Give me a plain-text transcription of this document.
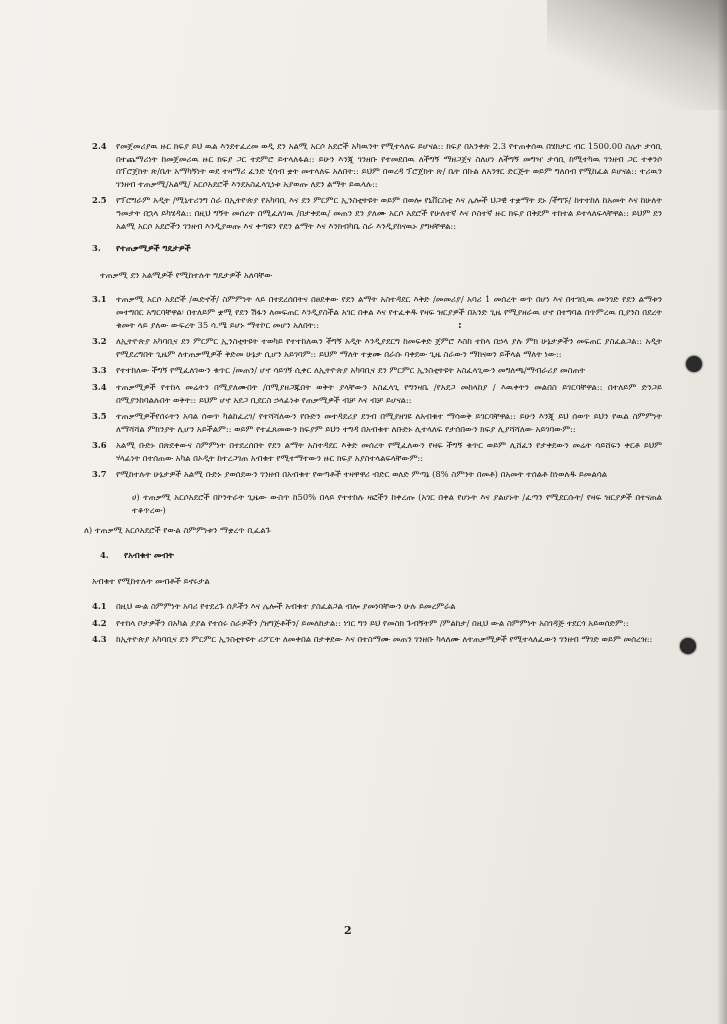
2.4	የመጀመሪያዉ ዙር ክፍያ ይህ ዉል እንደተፈረመ ወዲ ደን አልሚ አርሶ አደሮች አካዉንት የሚተላለፍ ይሆናል:: ክፍያ በአንቀጽ 2.3 የተጠቀሰዉ በሄክታር ብር 1500.00 ስሌት ታሳቢ በተጨማሪነት ከመጀመሪዉ ዙር ክፍያ ጋር ተደምሮ ይተላለፋል:: ይሁን እንጂ ገንዘቡ የተመደበዉ ለችግኝ ማዘጋጀና ስለሆነ ለችግኝ መግዣ ታሳቢ ከሚተካዉ ገንዘብ ጋር ተቀንሶ በፕሮጀክት ጽ/ቤት አማካኝነት ወደ ተዛማሪ ፈንድ ሂሳብ ቋት መተላለፍ አለበት:: ይህም በወረዳ ፕሮጀክት ጽ/ ቤት በኩል ለአንፃር ድርጅት ወይም ግለሰብ የሚከፈል ይሆናል:: ተሪዉን ገንዘብ ተጠቃሚ/አልሚ/ አርሶአደሮች እንደአስፈላጊነቱ አያወጡ ለደን ልማት ይዉላሉ::
2.5	የፕሮግራም አዲት /ሚኒተሪንግ ስራ በኢትዮጵያ የአካባቢ እና ደን ምርምር ኢንስቲትዩት ወይም በወሎ የኒቨርስቲ እና ሌሎች ህጋዊ ተቋማት ደኑ /ችግኙ/ ከተተከለ ከአመት እና ከሁለት ዓመታት በኋላ ይካሄዳል:: በዚህ ግኝት መሰረት በሚፈለገዉ /በታቀደዉ/ መጠን ደን ያለሙ አርሶ አደሮች የሁለተኛ እና ሶስተኛ ዙር ክፍያ በቅደም ተከተል ይተላለፍላቸዋል:: ይህም ደን አልሚ አርሶ አደሮችን ገንዘብ እንዲያወጡ እና ቀጣዩን የደን ልማት እና እንክብካቤ ስራ እንዲያከናዉኑ ያግዛቸዋል::
3.	የተጠቃሚዎች ግዴታዎች
ተጠቃሚ ደን አልሚዎች የሚከተሉት ግዴታዎች አለባቸው
3.1	ተጠቃሚ አርሶ አደሮች /ዉድኖች/ ስምምነት ላይ በተደረሰበትና በፀደቀው የደን ልማት አስተዳደር እቅድ /መመሪያ/ አባሪ 1 መሰረት ወጥ በሆነ እና በተገቢዉ መንገድ የደን ልማቱን መተግበር አግርባቸዋል፡ በተለይም ቋሚ የደን ሽፋን ለመፍጠር እንዲያስችል አገር በቀል እና የተፈቀዱ የዛፍ ዝርያዎች በአንድ ጊዜ የሚያዘራዉ ሆኖ በተግባል በጥምረዉ ቢያንስ በደረት ቁመት ላይ ያለው ውፍረት 35 ሳ.ሜ ይሆኑ ማተኮር መሆን አለበት::
3.2	ለኢትዮጵያ አካባቢና ደን ምርምር ኢንስቲትዩት ተወካይ የተተከለዉን ችግኝ አዲት እንዲያደርግ ከመፍቀድ ጀምሮ እስከ ተከላ በኃላ ያሉ ምክ ሁኔታዎችን መፍጠር ያስፈልጋል:: አዲት የሚደረግበት ጊዜም ለተጠቃሚዎች ቅድመ ሁኔታ ሲሆን አይገባም:: ይህም ማለት ተቋሙ በራሱ ባቀደው ጊዜ ስራውን ማከናወን ይችላል ማለት ነው::
3.3	የተተከለው ችግኝ የሚፈለገውን ቁጥር /መጠን/ ሆኖ ሳይገኝ ሲቀር ለኢትዮጵያ አካባቢና ደን ምርምር ኢንስቲትዩት አስፈላጊውን መግለጫ/ማብራሪያ መስጠት
3.4	ተጠቃሚዎች የተከላ መሬትን በሚያለሙበት /በሚያዘጋጁበት ወቅት ያላቸውን አስፈላጊ የግንዛቤ /የአደጋ መከላከያ / እዉቀትን መልበስ ይገርባቸዋል:: በተለይም ድንጋይ በሚያንከባልሉበት ወቅት:: ይህም ሆኖ አደጋ ቢደርስ ኃላፊነቱ የጠቃሚዎች ብቻ እና ብቻ ይሆናል::
3.5	ተጠቃሚዎችየሰሩትን አባል ሰወጥ ካልከፈረገ/ የተሻሻለውን የቡድን መተዳደሪያ ደንብ በሚያዘገዩ ለአብቁተ ማሳወቅ ይገርባቸዋል:: ይሁን እንጂ ይህ ሰወጥ ይህን የዉል ስምምነት ለማሻሻል ምክንያት ሊሆን አይችልም:: ወይም የተፈጸመውን ክፍያም ይህን ተግዳ በአብቁተ ለቡድኑ ሊተላለፍ የታሰበውን ክፍያ ሊያሻሻለው አይገባውም::
3.6	አልሚ ቡድኑ በጽደቀውና ስምምነት በተደረሰበት የደን ልማት አስተዳደር እቅድ መሰረት የሚፈለውን የዛፍ ችግኝ ቁጥር ወይም ሊሸፈን የታቀደውን መሬት ሳይሸፍን ቀርቶ ይህም ሃላፊነት በተሰጠው አካል በኦዲት ከተረጋገጠ አብቁተ የሚተማተውን ዙር ክፍያ አያስተላልፍላቸውም::
3.7	የሚከተሉት ሁኔታዎች አልሚ ቡድኑ ያወሰደውን ገንዘብ በአብቁተ የወጣቶች ተዛዋዋሪ ብድር ወለድ ምጣኔ (8% ስምንት በመቶ) በአመት ተሰልቶ ከነወለዱ ይመልሳል
ሀ) ተጠቃሚ አርሶአደሮች በኮንትራት ጊዜው ውስጥ ከ50% በላይ የተተከሉ ዛፎችን ከቀረጡ (አገር በቀል የሆኑት እና ያልሆኑት /ፈጣን የሚደርሱት/ የዛፍ ዝርያዎች በተናጠል ተቆጥረው)
ለ) ተጠቃሚ አርሶአደሮች የውል ስምምነቱን ማቋረጥ ቢፈልጉ
4.	የአብቁተ መብት
አብቁተ የሚከተሉት መብቶች ይኖሩታል
4.1	በዚህ ውል ስምምነት አባሪ የተደረጉ ሰዶችን እና ሌሎች አብቁተ ያስፈልጋል ብሎ ያመነባቸውን ሁሉ ይመረምራል
4.2	የተከላ ቦታዎችን በአካል ያያል የተሰሩ ስራዎችን /ዝግጅቶችን/ ይመለከታል:: ነገር ግን ይህ የመስክ ጉብኝትም /ምልከታ/ በዚህ ውል ስምምነት አስገዳጅ ተደርጎ አይወሰድም::
4.3	ከኢትዮጵያ አካባቢና ደን ምርምር ኢንስቲትዩት ሪፖርት ለመቀበል በታቀደው እና በተስማሙ መጠን ገንዘቡ ካላለሙ ለተጠቃሚዎች የሚተላለፈውን ገንዘብ ማገድ ወይም መሰረዝ::
:
2
